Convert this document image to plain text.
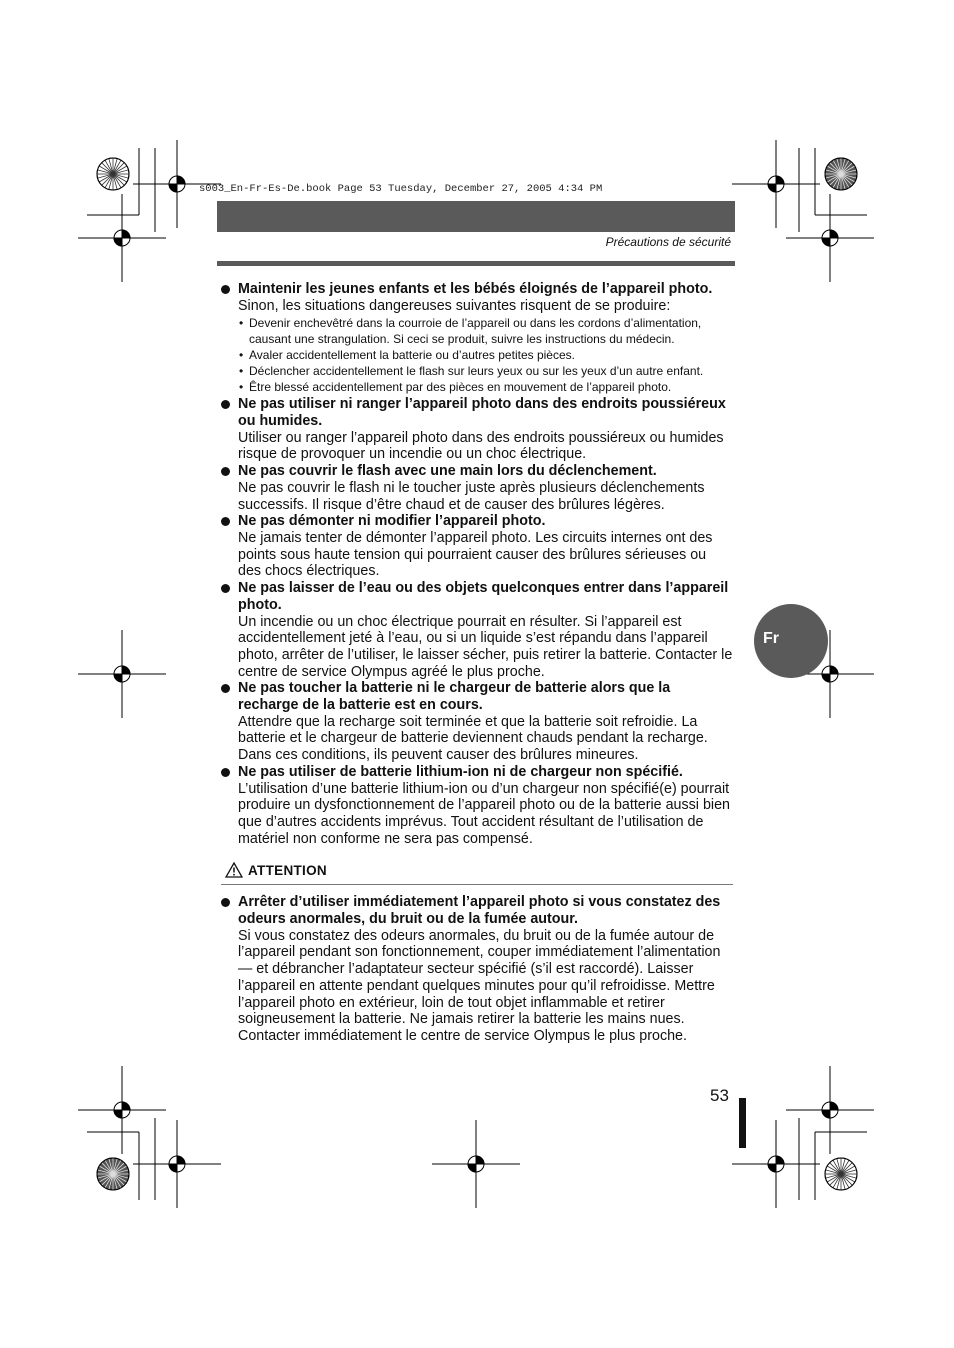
s003_En-Fr-Es-De.book Page 53 Tuesday, December 27, 2005 4:34 PM
Précautions de sécurité
Fr

Maintenir les jeunes enfants et les bébés éloignés de l’appareil photo.

Sinon, les situations dangereuses suivantes risquent de se produire:

• Devenir enchevêtré dans la courroie de l’appareil ou dans les cordons d’alimentation, causant une strangulation. Si ceci se produit, suivre les instructions du médecin.
• Avaler accidentellement la batterie ou d’autres petites pièces.
• Déclencher accidentellement le flash sur leurs yeux ou sur les yeux d’un autre enfant.
• Être blessé accidentellement par des pièces en mouvement de l’appareil photo.

Ne pas utiliser ni ranger l’appareil photo dans des endroits poussiéreux ou humides.

Utiliser ou ranger l’appareil photo dans des endroits poussiéreux ou humides risque de provoquer un incendie ou un choc électrique.

Ne pas couvrir le flash avec une main lors du déclenchement.

Ne pas couvrir le flash ni le toucher juste après plusieurs déclenchements successifs. Il risque d’être chaud et de causer des brûlures légères.

Ne pas démonter ni modifier l’appareil photo.

Ne jamais tenter de démonter l’appareil photo. Les circuits internes ont des points sous haute tension qui pourraient causer des brûlures sérieuses ou des chocs électriques.

Ne pas laisser de l’eau ou des objets quelconques entrer dans l’appareil photo.

Un incendie ou un choc électrique pourrait en résulter. Si l’appareil est accidentellement jeté à l’eau, ou si un liquide s’est répandu dans l’appareil photo, arrêter de l’utiliser, le laisser sécher, puis retirer la batterie. Contacter le centre de service Olympus agréé le plus proche.

Ne pas toucher la batterie ni le chargeur de batterie alors que la recharge de la batterie est en cours.

Attendre que la recharge soit terminée et que la batterie soit refroidie. La batterie et le chargeur de batterie deviennent chauds pendant la recharge. Dans ces conditions, ils peuvent causer des brûlures mineures.

Ne pas utiliser de batterie lithium-ion ni de chargeur non spécifié.

L’utilisation d’une batterie lithium-ion ou d’un chargeur non spécifié(e) pourrait produire un dysfonctionnement de l’appareil photo ou de la batterie aussi bien que d’autres accidents imprévus. Tout accident résultant de l’utilisation de matériel non conforme ne sera pas compensé.

ATTENTION

Arrêter d’utiliser immédiatement l’appareil photo si vous constatez des odeurs anormales, du bruit ou de la fumée autour.

Si vous constatez des odeurs anormales, du bruit ou de la fumée autour de l’appareil pendant son fonctionnement, couper immédiatement l’alimentation — et débrancher l’adaptateur secteur spécifié (s’il est raccordé). Laisser l’appareil en attente pendant quelques minutes pour qu’il refroidisse. Mettre l’appareil photo en extérieur, loin de tout objet inflammable et retirer soigneusement la batterie. Ne jamais retirer la batterie les mains nues. Contacter immédiatement le centre de service Olympus le plus proche.

53
